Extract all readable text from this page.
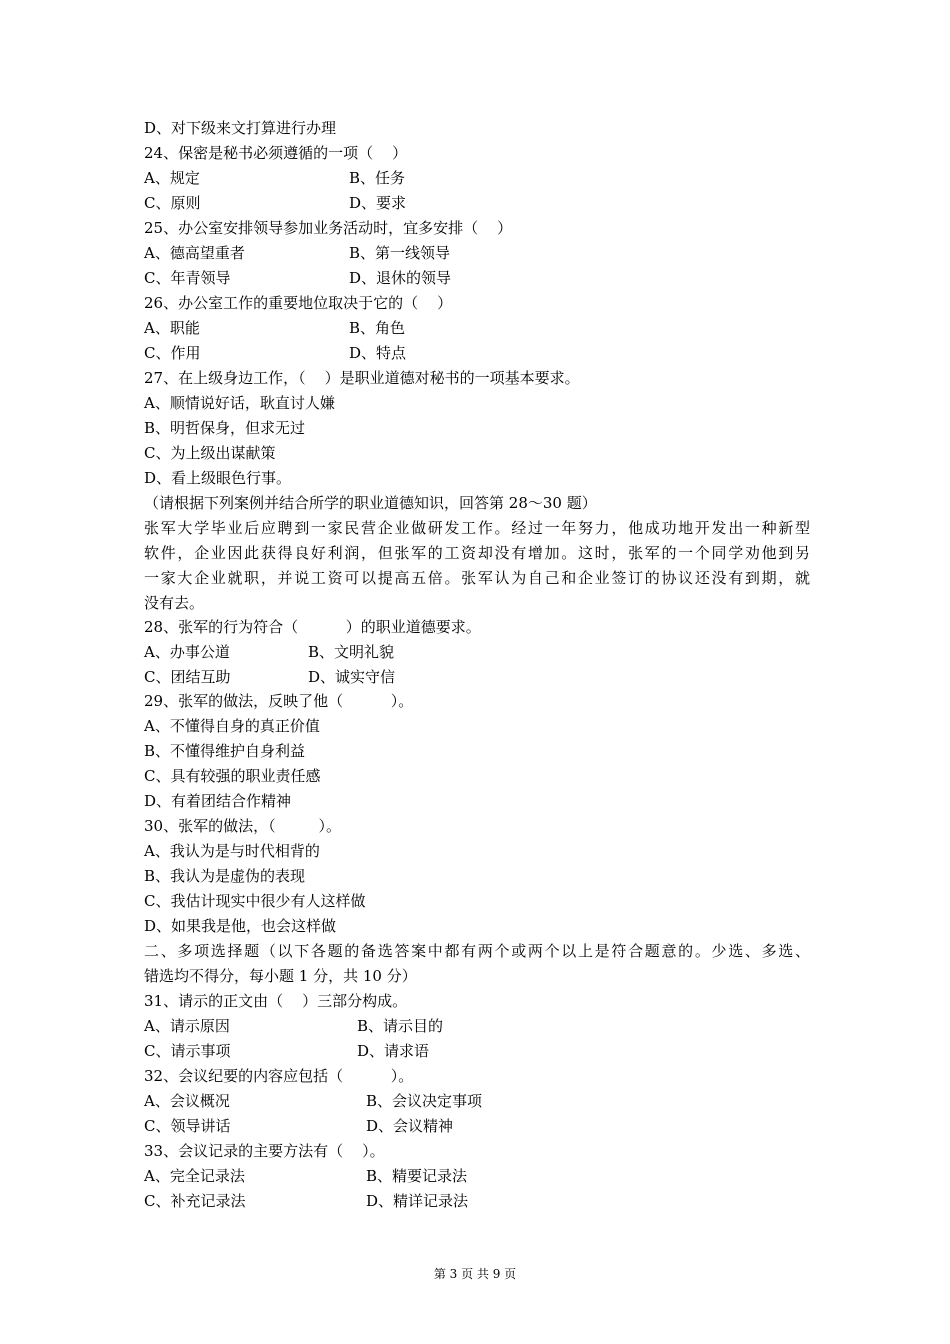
D、对下级来文打算进行办理
24、保密是秘书必须遵循的一项（    ）
A、规定	B、任务
C、原则	D、要求
25、办公室安排领导参加业务活动时，宜多安排（    ）
A、德高望重者	B、第一线领导
C、年青领导	D、退休的领导
26、办公室工作的重要地位取决于它的（    ）
A、职能	B、角色
C、作用	D、特点
27、在上级身边工作，（    ）是职业道德对秘书的一项基本要求。
A、顺情说好话，耿直讨人嫌
B、明哲保身，但求无过
C、为上级出谋献策
D、看上级眼色行事。
（请根据下列案例并结合所学的职业道德知识，回答第 28～30 题）
张军大学毕业后应聘到一家民营企业做研发工作。经过一年努力，他成功地开发出一种新型
软件，企业因此获得良好利润，但张军的工资却没有增加。这时，张军的一个同学劝他到另
一家大企业就职，并说工资可以提高五倍。张军认为自己和企业签订的协议还没有到期，就
没有去。
28、张军的行为符合（          ）的职业道德要求。
A、办事公道	B、文明礼貌
C、团结互助	D、诚实守信
29、张军的做法，反映了他（          ）。
A、不懂得自身的真正价值
B、不懂得维护自身利益
C、具有较强的职业责任感
D、有着团结合作精神
30、张军的做法，（         ）。
A、我认为是与时代相背的
B、我认为是虚伪的表现
C、我估计现实中很少有人这样做
D、如果我是他，也会这样做
二、多项选择题（以下各题的备选答案中都有两个或两个以上是符合题意的。少选、多选、
错选均不得分，每小题 1 分，共 10 分）
31、请示的正文由（    ）三部分构成。
A、请示原因	B、请示目的
C、请示事项	D、请求语
32、会议纪要的内容应包括（          ）。
A、会议概况	B、会议决定事项
C、领导讲话	D、会议精神
33、会议记录的主要方法有（    ）。
A、完全记录法	B、精要记录法
C、补充记录法	D、精详记录法
第 3 页 共 9 页
